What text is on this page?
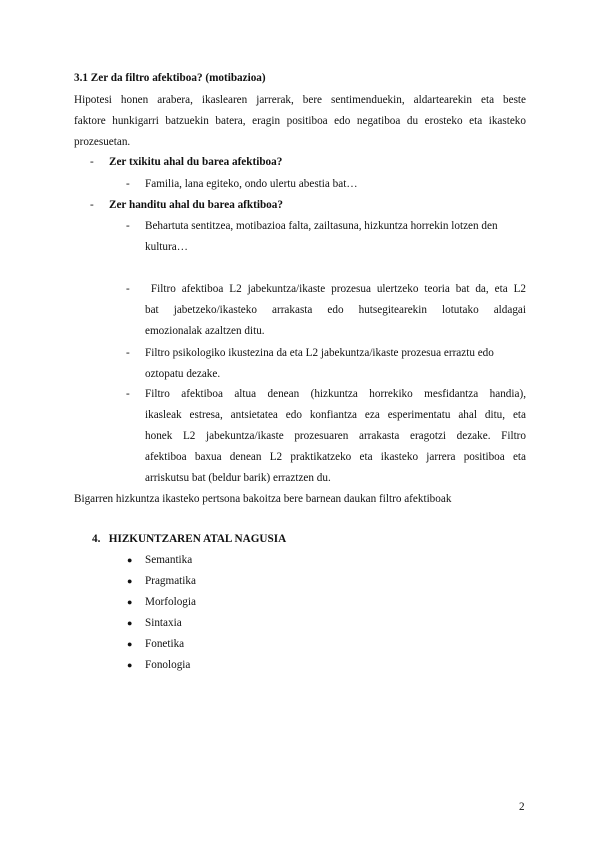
3.1 Zer da filtro afektiboa? (motibazioa)
Hipotesi honen arabera, ikaslearen jarrerak, bere sentimenduekin, aldartearekin eta beste
faktore hunkigarri batzuekin batera, eragin positiboa edo negatiboa du erosteko eta ikasteko
prozesuetan.
- Zer txikitu ahal du barea afektiboa?
- Familia, lana egiteko, ondo ulertu abestia bat…
- Zer handitu ahal du barea afktiboa?
- Behartuta sentitzea, motibazioa falta, zailtasuna, hizkuntza horrekin lotzen den
kultura…
- Filtro afektiboa L2 jabekuntza/ikaste prozesua ulertzeko teoria bat da, eta L2
bat jabetzeko/ikasteko arrakasta edo hutsegitearekin lotutako aldagai
emozionalak azaltzen ditu.
- Filtro psikologiko ikustezina da eta L2 jabekuntza/ikaste prozesua erraztu edo
oztopatu dezake.
- Filtro afektiboa altua denean (hizkuntza horrekiko mesfidantza handia),
ikasleak estresa, antsietatea edo konfiantza eza esperimentatu ahal ditu, eta
honek L2 jabekuntza/ikaste prozesuaren arrakasta eragotzi dezake. Filtro
afektiboa baxua denean L2 praktikatzeko eta ikasteko jarrera positiboa eta
arriskutsu bat (beldur barik) erraztzen du.
Bigarren hizkuntza ikasteko pertsona bakoitza bere barnean daukan filtro afektiboak
4.   HIZKUNTZAREN ATAL NAGUSIA
● Semantika
● Pragmatika
● Morfologia
● Sintaxia
● Fonetika
● Fonologia
2
